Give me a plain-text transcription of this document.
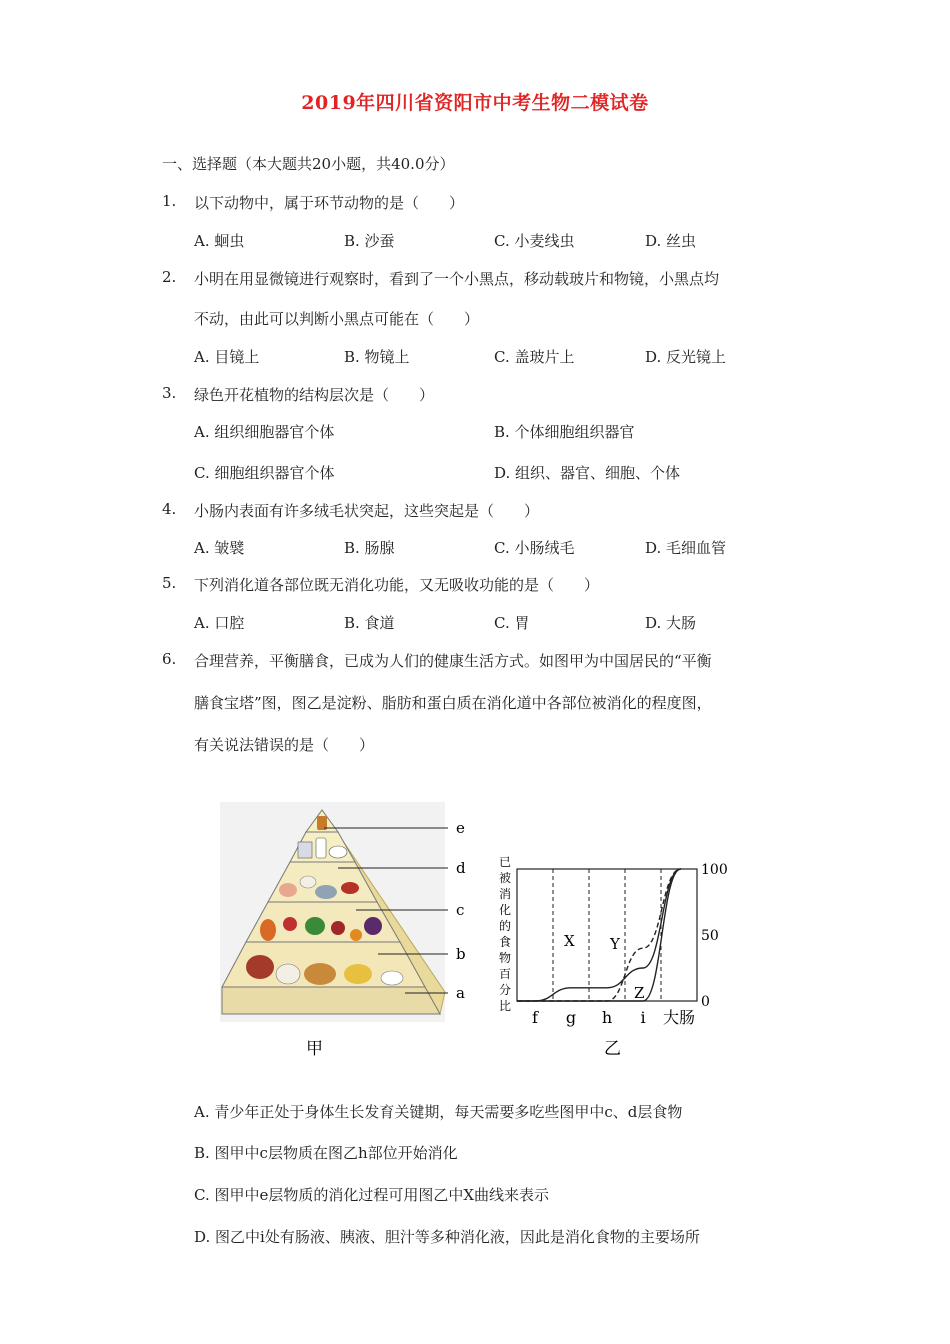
2019年四川省资阳市中考生物二模试卷
一、选择题（本大题共20小题，共40.0分）
1. 以下动物中，属于环节动物的是（　　）
A. 蛔虫	B. 沙蚕	C. 小麦线虫	D. 丝虫
2. 小明在用显微镜进行观察时，看到了一个小黑点，移动载玻片和物镜，小黑点均
不动，由此可以判断小黑点可能在（　　）
A. 目镜上	B. 物镜上	C. 盖玻片上	D. 反光镜上
3. 绿色开花植物的结构层次是（　　）
A. 组织细胞器官个体	B. 个体细胞组织器官
C. 细胞组织器官个体	D. 组织、器官、细胞、个体
4. 小肠内表面有许多绒毛状突起，这些突起是（　　）
A. 皱襞	B. 肠腺	C. 小肠绒毛	D. 毛细血管
5. 下列消化道各部位既无消化功能，又无吸收功能的是（　　）
A. 口腔	B. 食道	C. 胃	D. 大肠
6. 合理营养，平衡膳食，已成为人们的健康生活方式。如图甲为中国居民的“平衡
膳食宝塔”图，图乙是淀粉、脂肪和蛋白质在消化道中各部位被消化的程度图，
有关说法错误的是（　　）
e
d
c
b
a
甲
已
被
消
化
的
食
物
百
分
比
100
50
0
f g h i 大肠
X Y
Z
乙
A. 青少年正处于身体生长发育关键期，每天需要多吃些图甲中c、d层食物
B. 图甲中c层物质在图乙h部位开始消化
C. 图甲中e层物质的消化过程可用图乙中X曲线来表示
D. 图乙中i处有肠液、胰液、胆汁等多种消化液，因此是消化食物的主要场所
